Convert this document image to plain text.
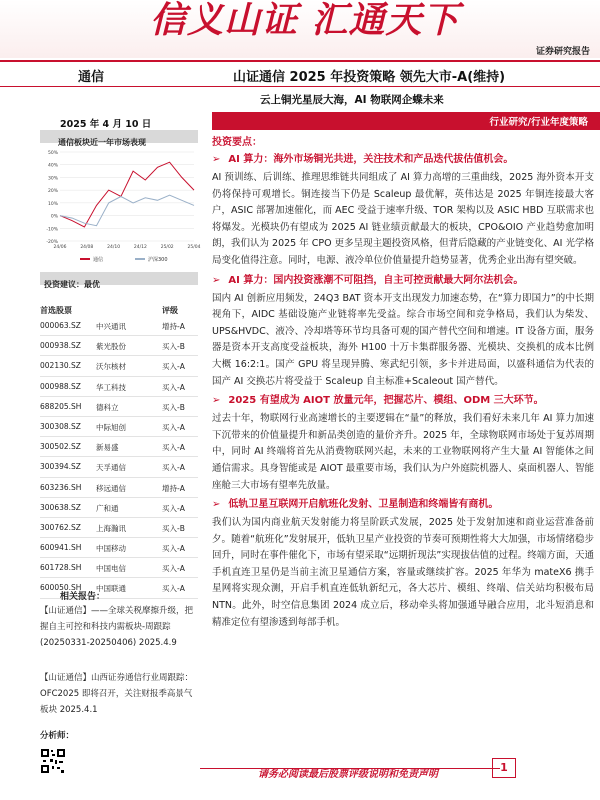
信义山证 汇通天下
证券研究报告
通信	山证通信 2025 年投资策略 领先大市-A(维持)
云上铜光星辰大海，AI 物联网企蝶未来
2025 年 4 月 10 日	行业研究/行业年度策略
通信板块近一年市场表现
-20%
-10%
0%
10%
20%
30%
40%
50%
24/06	24/08	24/10	24/12	25/02	25/04
通信	沪深300
投资建议：最优
首选股票	评级
000063.SZ 中兴通讯	增持-A
000938.SZ 紫光股份	买入-B
002130.SZ 沃尔核材	买入-A
000988.SZ 华工科技	买入-A
688205.SH 德科立	买入-B
300308.SZ 中际旭创	买入-A
300502.SZ 新易盛	买入-A
300394.SZ 天孚通信	买入-A
603236.SH 移远通信	增持-A
300638.SZ 广和通	买入-A
300762.SZ 上海瀚讯	买入-B
600941.SH 中国移动	买入-A
601728.SH 中国电信	买入-A
600050.SH 中国联通	买入-A
相关报告：
【山证通信】——全球关税摩擦升级，把握自主可控和科技内需板块-周跟踪(20250331-20250406) 2025.4.9
【山证通信】山西证券通信行业周跟踪：OFC2025 即将召开，关注财报季高景气板块 2025.4.1
分析师：
投资要点：
➢ AI 算力：海外市场铜光共进，关注技术和产品迭代拔估值机会。

AI 预训练、后训练、推理思维链共同组成了 AI 算力高增的三重曲线，2025 海外资本开支仍将保持可观增长。铜连接当下仍是 Scaleup 最优解，英伟达是 2025 年铜连接最大客户，ASIC 部署加速催化，而 AEC 受益于速率升级、TOR 架构以及 ASIC HBD 互联需求也将爆发。光模块仍有望成为 2025 AI 链业绩贡献最大的板块，CPO&OIO 产业趋势愈加明朗，我们认为 2025 年 CPO 更多呈现主题投资风格，但背后隐藏的产业链变化、AI 光学格局变化值得注意。同时，电源、液冷单位价值量提升趋势显著，优秀企业出海有望突破。

➢ AI 算力：国内投资涨潮不可阻挡，自主可控贡献最大阿尔法机会。

国内 AI 创新应用频发，24Q3 BAT 资本开支出现发力加速态势，在“算力即国力”的中长期视角下，AIDC 基础设施产业链将率先受益。综合市场空间和竞争格局，我们认为柴发、UPS&HVDC、液冷、冷却塔等环节均具备可观的国产替代空间和增速。IT 设备方面，服务器是资本开支高度受益板块，海外 H100 十万卡集群服务器、光模块、交换机的成本比例大概 16:2:1。国产 GPU 将呈现异腾、寒武纪引领，多卡并进局面，以盛科通信为代表的国产 AI 交换芯片将受益于 Scaleup 自主标准+Scaleout 国产替代。

➢ 2025 有望成为 AIOT 放量元年，把握芯片、模组、ODM 三大环节。

过去十年，物联网行业高速增长的主要逻辑在“量”的释放，我们看好未来几年 AI 算力加速下沉带来的价值量提升和新品类创造的量价齐升。2025 年，全球物联网市场处于复苏周期中，同时 AI 终端将首先从消费物联网兴起，未来的工业物联网将产生大量 AI 智能体之间通信需求。具身智能或是 AIOT 最重要市场，我们认为户外庭院机器人、桌面机器人、智能座舱三大市场有望率先放量。

➢ 低轨卫星互联网开启航班化发射、卫星制造和终端皆有商机。

我们认为国内商业航天发射能力将呈阶跃式发展，2025 处于发射加速和商业运营准备前夕。随着“航班化”发射展开，低轨卫星产业投资的节奏可预期性将大大加强，市场情绪稳步回升，同时在事件催化下，市场有望采取“远期折现法”实现拔估值的过程。终端方面，天通手机直连卫星仍是当前主流卫星通信方案，容量或继续扩容。2025 年华为 mateX6 携手星网将实现众测，开启手机直连低轨新纪元，各大芯片、模组、终端、信关站均积极布局 NTN。此外，时空信息集团 2024 成立后，移动牵头将加强通导融合应用，北斗短消息和精准定位有望渗透到每部手机。

请务必阅读最后股票评级说明和免责声明
1
